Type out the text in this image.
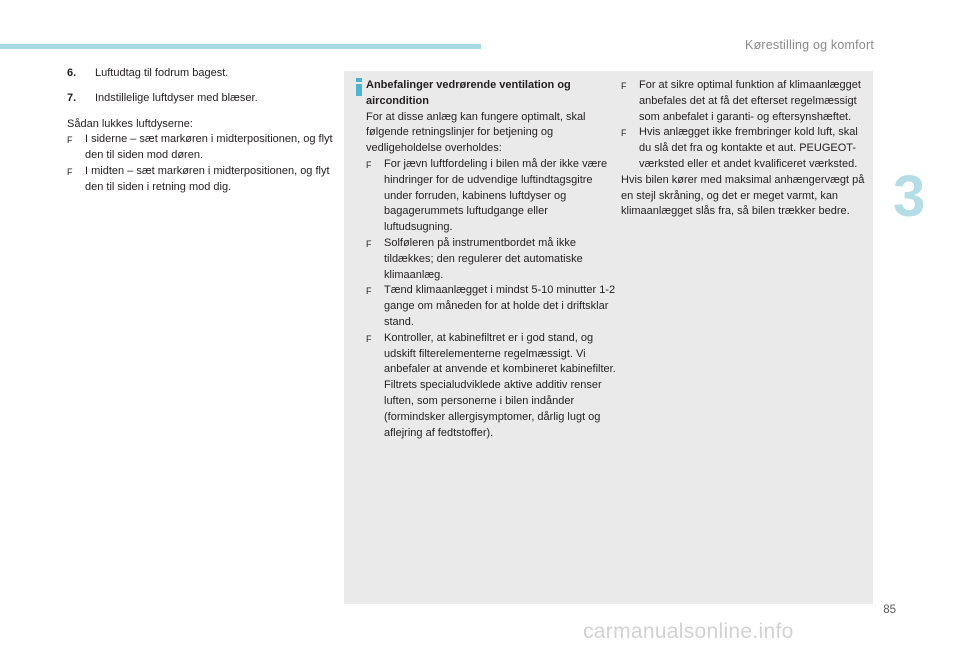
Kørestilling og komfort
3
6.	Luftudtag til fodrum bagest.
7.	Indstillelige luftdyser med blæser.
Sådan lukkes luftdyserne:
F	I siderne – sæt markøren i midterpositionen, og flyt den til siden mod døren.
F	I midten – sæt markøren i midterpositionen, og flyt den til siden i retning mod dig.
Anbefalinger vedrørende ventilation og aircondition
For at disse anlæg kan fungere optimalt, skal følgende retningslinjer for betjening og vedligeholdelse overholdes:
F	For jævn luftfordeling i bilen må der ikke være hindringer for de udvendige luftindtagsgitre under forruden, kabinens luftdyser og bagagerummets luftudgange eller luftudsugning.
F	Solføleren på instrumentbordet må ikke tildækkes; den regulerer det automatiske klimaanlæg.
F	Tænd klimaanlægget i mindst 5-10 minutter 1-2 gange om måneden for at holde det i driftsklar stand.
F	Kontroller, at kabinefiltret er i god stand, og udskift filterelementerne regelmæssigt. Vi anbefaler at anvende et kombineret kabinefilter. Filtrets specialudviklede aktive additiv renser luften, som personerne i bilen indånder (formindsker allergisymptomer, dårlig lugt og aflejring af fedtstoffer).
F	For at sikre optimal funktion af klimaanlægget anbefales det at få det efterset regelmæssigt som anbefalet i garanti- og eftersynshæftet.
F	Hvis anlægget ikke frembringer kold luft, skal du slå det fra og kontakte et aut. PEUGEOT-værksted eller et andet kvalificeret værksted.
Hvis bilen kører med maksimal anhængervægt på en stejl skråning, og det er meget varmt, kan klimaanlægget slås fra, så bilen trækker bedre.
85
carmanualsonline.info
